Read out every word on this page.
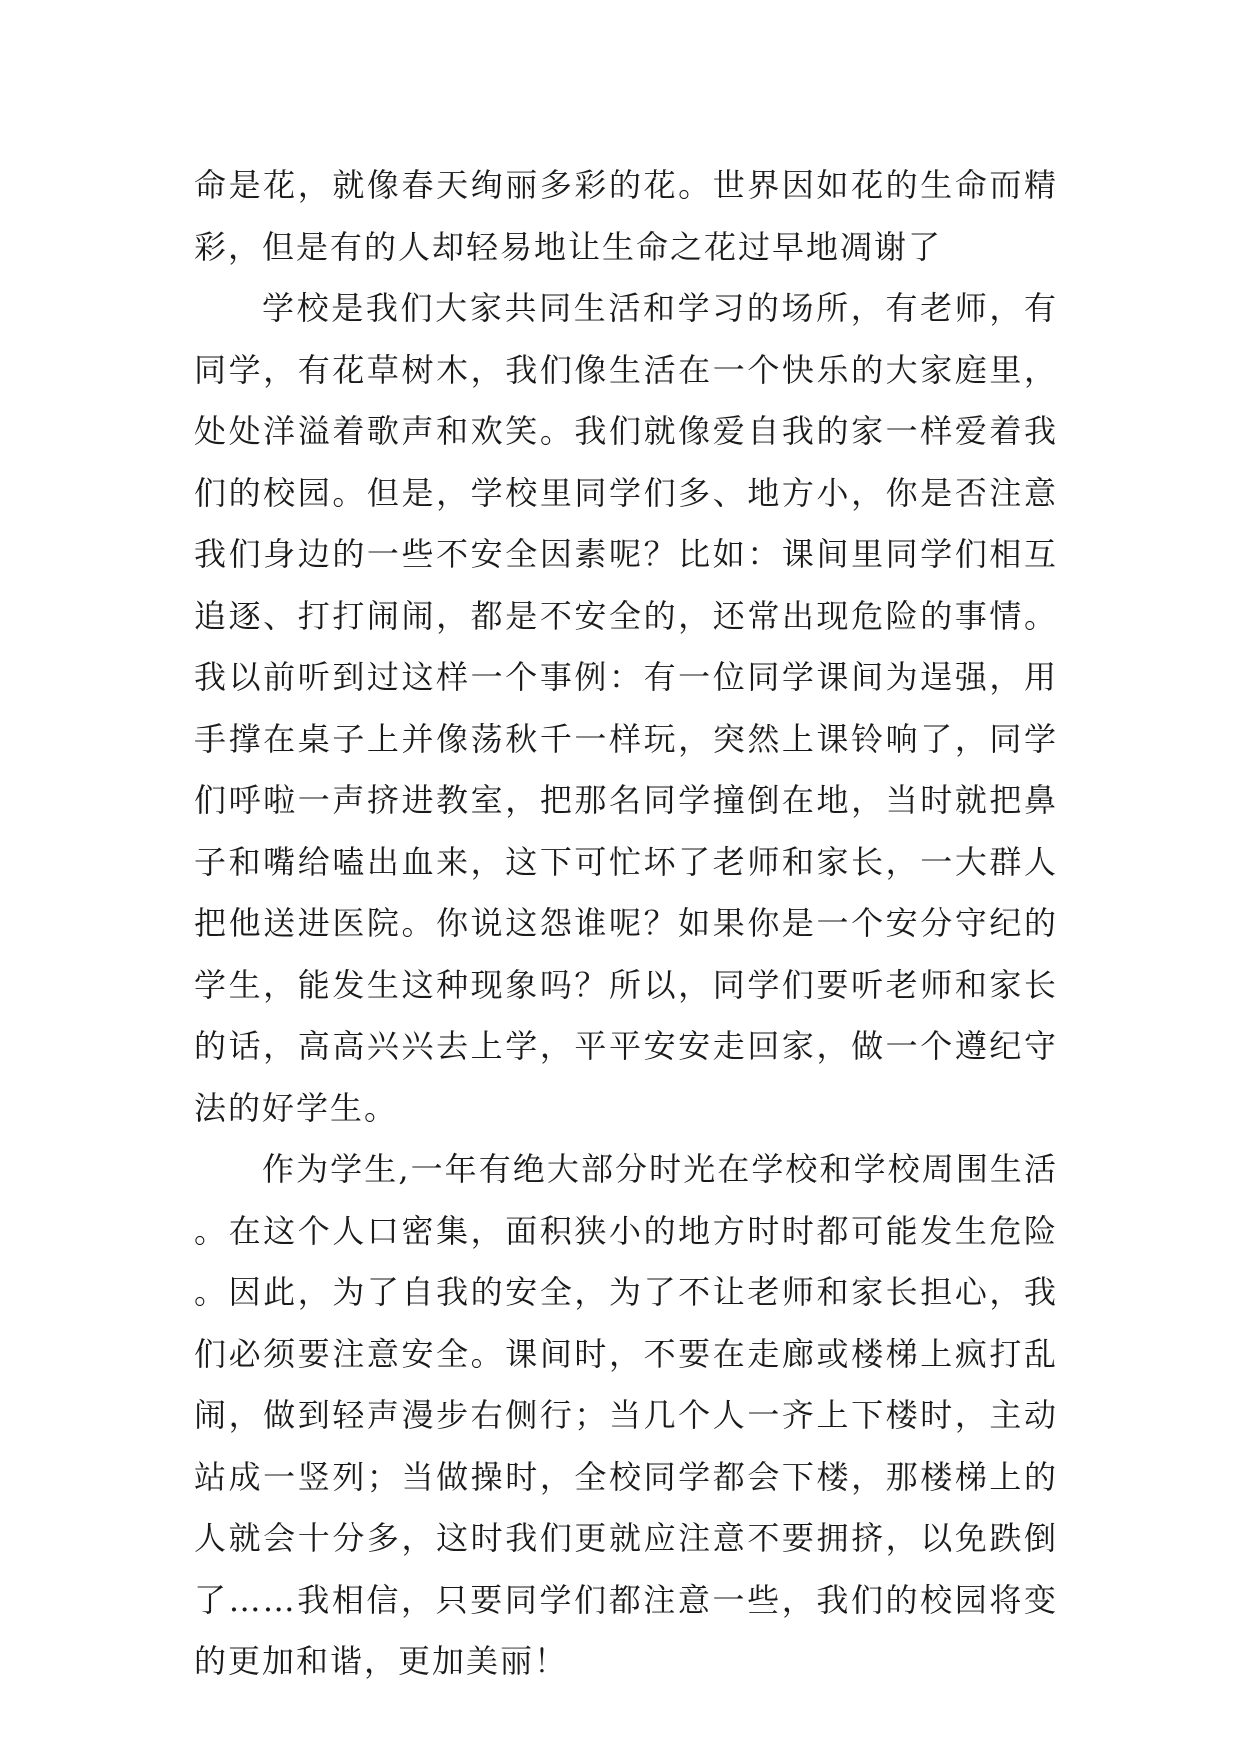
命是花，就像春天绚丽多彩的花。世界因如花的生命而精彩，但是有的人却轻易地让生命之花过早地凋谢了

学校是我们大家共同生活和学习的场所，有老师，有同学，有花草树木，我们像生活在一个快乐的大家庭里，处处洋溢着歌声和欢笑。我们就像爱自我的家一样爱着我们的校园。但是，学校里同学们多、地方小，你是否注意我们身边的一些不安全因素呢？比如：课间里同学们相互追逐、打打闹闹，都是不安全的，还常出现危险的事情。我以前听到过这样一个事例：有一位同学课间为逞强，用手撑在桌子上并像荡秋千一样玩，突然上课铃响了，同学们呼啦一声挤进教室，把那名同学撞倒在地，当时就把鼻子和嘴给嗑出血来，这下可忙坏了老师和家长，一大群人把他送进医院。你说这怨谁呢？如果你是一个安分守纪的学生，能发生这种现象吗？所以，同学们要听老师和家长的话，高高兴兴去上学，平平安安走回家，做一个遵纪守法的好学生。

作为学生,一年有绝大部分时光在学校和学校周围生活。在这个人口密集，面积狭小的地方时时都可能发生危险。因此，为了自我的安全，为了不让老师和家长担心，我们必须要注意安全。课间时，不要在走廊或楼梯上疯打乱闹，做到轻声漫步右侧行；当几个人一齐上下楼时，主动站成一竖列；当做操时，全校同学都会下楼，那楼梯上的人就会十分多，这时我们更就应注意不要拥挤，以免跌倒了……我相信，只要同学们都注意一些，我们的校园将变的更加和谐，更加美丽！
